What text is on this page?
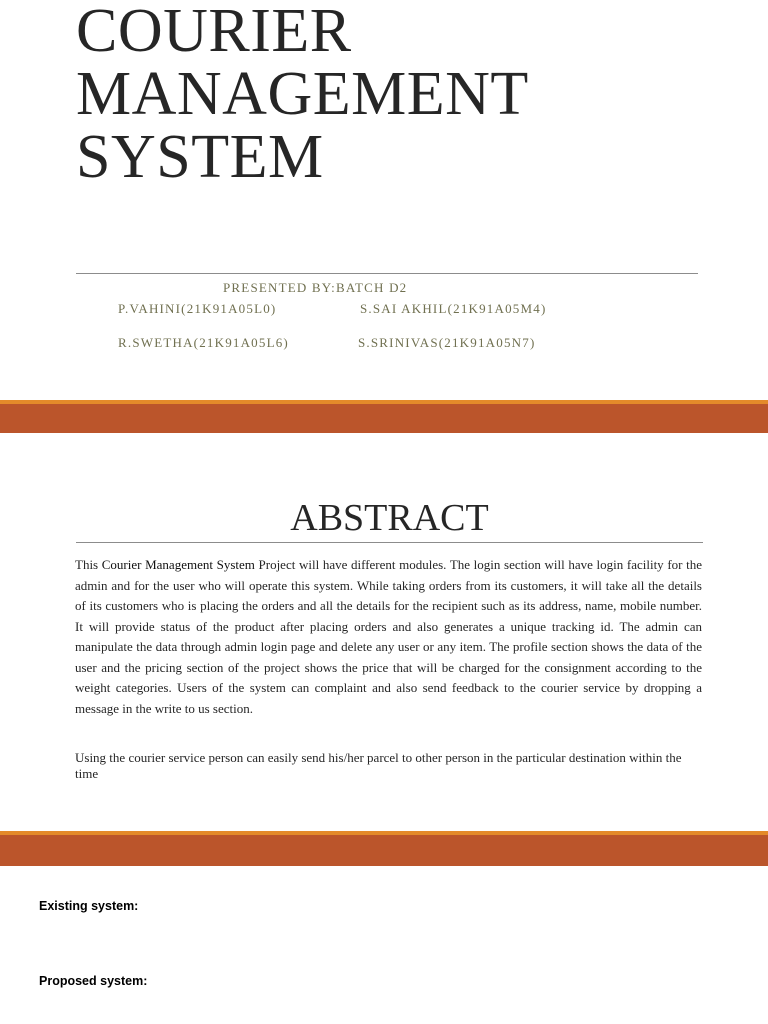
COURIER
MANAGEMENT
SYSTEM
PRESENTED BY:BATCH D2
P.VAHINI(21K91A05L0)	S.SAI AKHIL(21K91A05M4)
R.SWETHA(21K91A05L6)	S.SRINIVAS(21K91A05N7)
ABSTRACT

This Courier Management System Project will have different modules. The login section will have login facility for the admin and for the user who will operate this system. While taking orders from its customers, it will take all the details of its customers who is placing the orders and all the details for the recipient such as its address, name, mobile number. It will provide status of the product after placing orders and also generates a unique tracking id. The admin can manipulate the data through admin login page and delete any user or any item. The profile section shows the data of the user and the pricing section of the project shows the price that will be charged for the consignment according to the weight categories. Users of the system can complaint and also send feedback to the courier service by dropping a message in the write to us section.

Using the courier service person can easily send his/her parcel to other person in the particular destination within the time

Existing system:

Proposed system:
